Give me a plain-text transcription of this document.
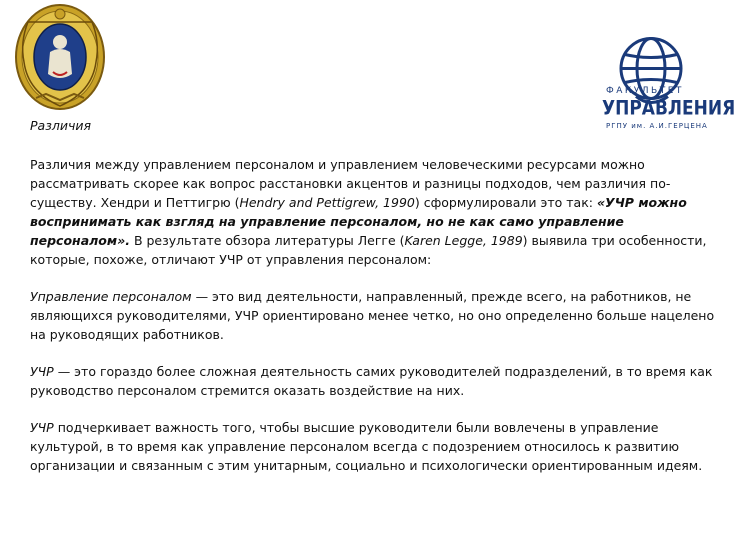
ФАКУЛЬТЕТ
УПРАВЛЕНИЯ
РГПУ им. А.И.ГЕРЦЕНА
Различия

Различия между управлением персоналом и управлением человеческими ресурсами можно рассматривать скорее как вопрос расстановки акцентов и разницы подходов, чем различия по-существу. Хендри и Петтигрю (Hendry and Pettigrew, 1990) сформулировали это так: «УЧР можно воспринимать как взгляд на управление персоналом, но не как само управление персоналом». В результате обзора литературы Легге (Karen Legge, 1989) выявила три особенности, которые, похоже, отличают УЧР от управления персоналом:

Управление персоналом — это вид деятельности, направленный, прежде всего, на работников, не являющихся руководителями, УЧР ориентировано менее четко, но оно определенно больше нацелено на руководящих работников.

УЧР — это гораздо более сложная деятельность самих руководителей подразделений, в то время как руководство персоналом стремится оказать воздействие на них.

УЧР подчеркивает важность того, чтобы высшие руководители были вовлечены в управление культурой, в то время как управление персоналом всегда с подозрением относилось к развитию организации и связанным с этим унитарным, социально и психологически ориентированным идеям.
